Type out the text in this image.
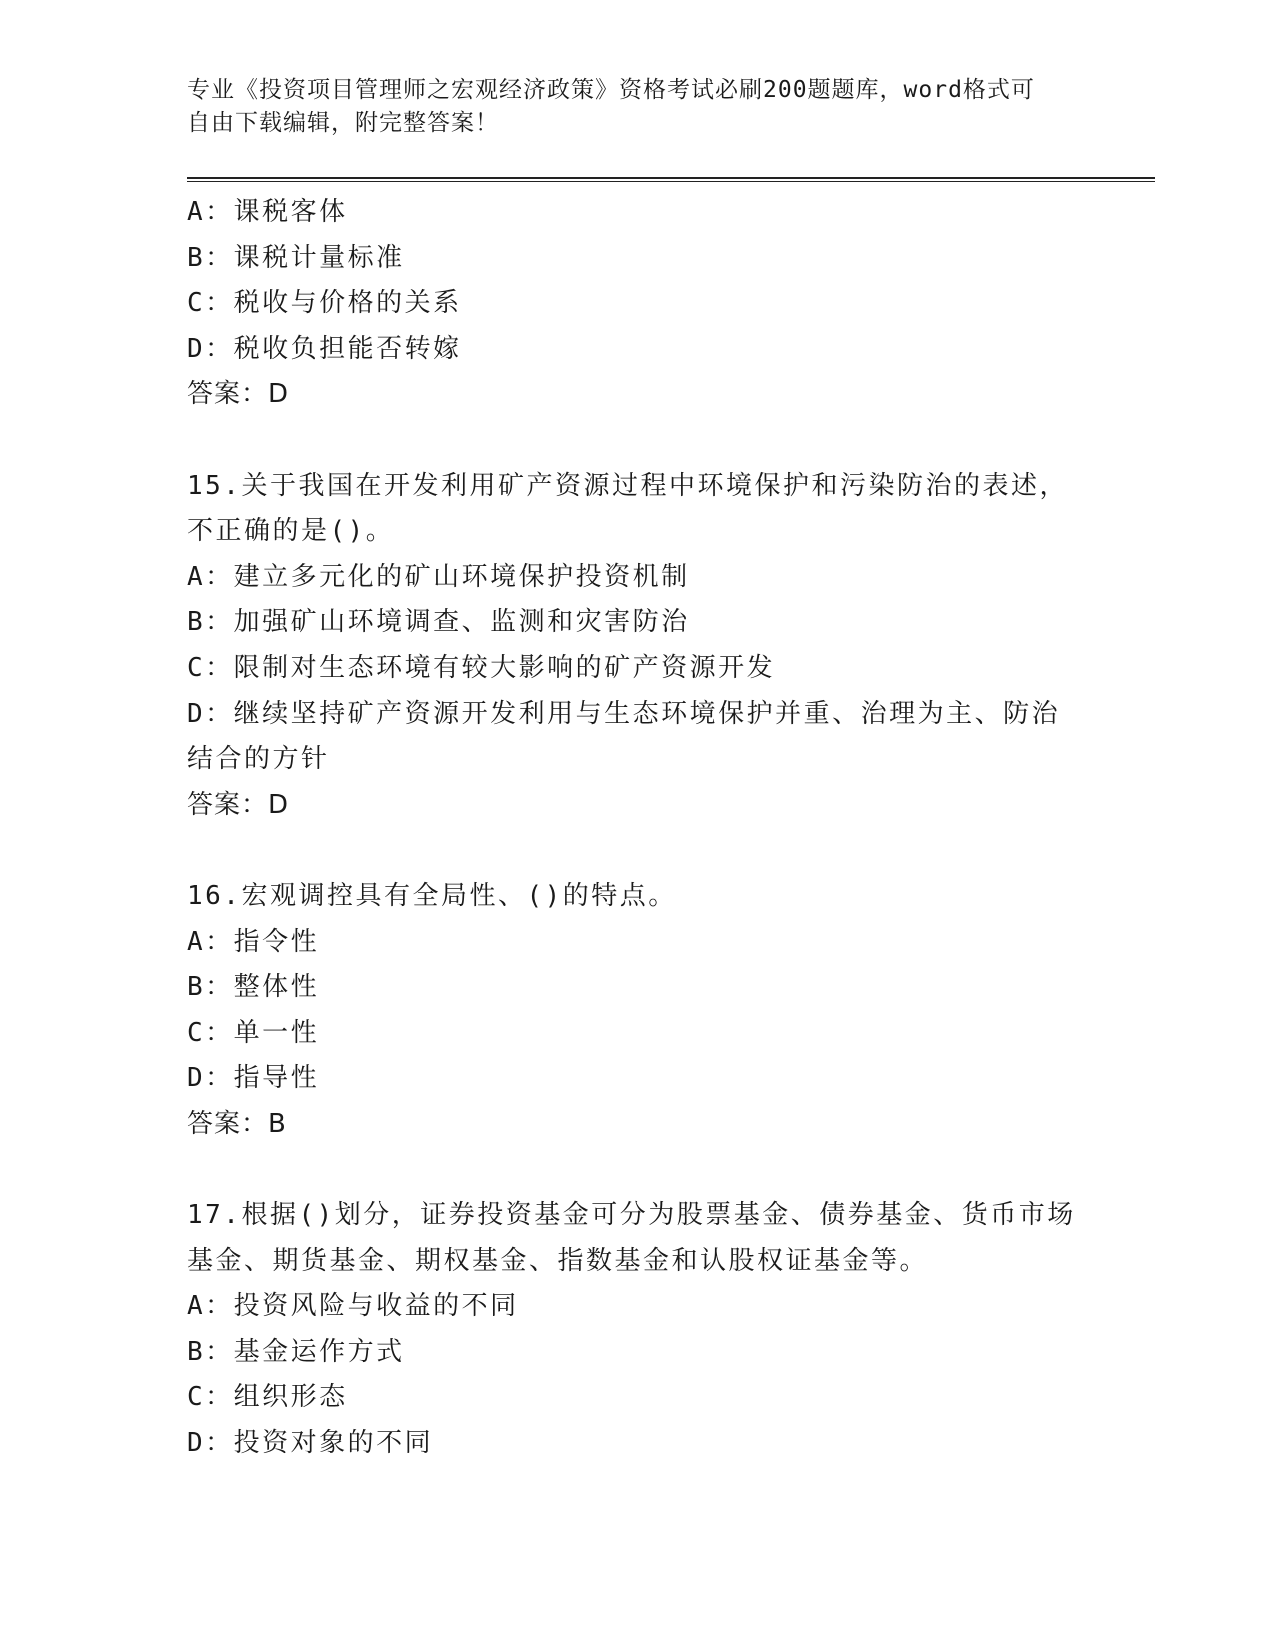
专业《投资项目管理师之宏观经济政策》资格考试必刷200题题库，word格式可
自由下载编辑，附完整答案！
A：课税客体
B：课税计量标准
C：税收与价格的关系
D：税收负担能否转嫁
答案：D
15.关于我国在开发利用矿产资源过程中环境保护和污染防治的表述，
不正确的是()。
A：建立多元化的矿山环境保护投资机制
B：加强矿山环境调查、监测和灾害防治
C：限制对生态环境有较大影响的矿产资源开发
D：继续坚持矿产资源开发利用与生态环境保护并重、治理为主、防治
结合的方针
答案：D
16.宏观调控具有全局性、()的特点。
A：指令性
B：整体性
C：单一性
D：指导性
答案：B
17.根据()划分，证券投资基金可分为股票基金、债券基金、货币市场
基金、期货基金、期权基金、指数基金和认股权证基金等。
A：投资风险与收益的不同
B：基金运作方式
C：组织形态
D：投资对象的不同
